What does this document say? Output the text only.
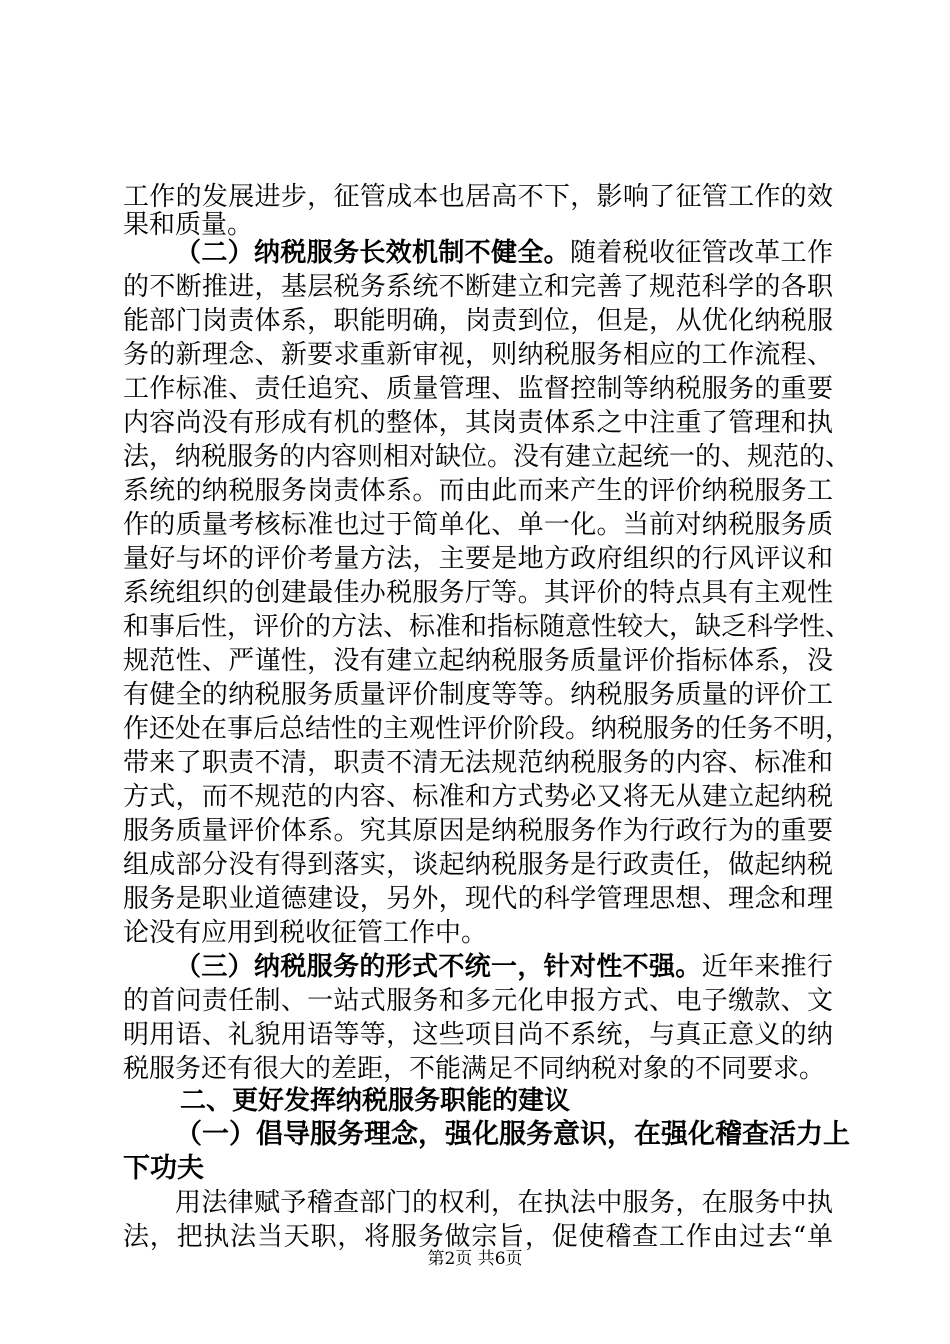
工作的发展进步，征管成本也居高不下，影响了征管工作的效
果和质量。
（二）纳税服务长效机制不健全。随着税收征管改革工作
的不断推进，基层税务系统不断建立和完善了规范科学的各职
能部门岗责体系，职能明确，岗责到位，但是，从优化纳税服
务的新理念、新要求重新审视，则纳税服务相应的工作流程、
工作标准、责任追究、质量管理、监督控制等纳税服务的重要
内容尚没有形成有机的整体，其岗责体系之中注重了管理和执
法，纳税服务的内容则相对缺位。没有建立起统一的、规范的、
系统的纳税服务岗责体系。而由此而来产生的评价纳税服务工
作的质量考核标准也过于简单化、单一化。当前对纳税服务质
量好与坏的评价考量方法，主要是地方政府组织的行风评议和
系统组织的创建最佳办税服务厅等。其评价的特点具有主观性
和事后性，评价的方法、标准和指标随意性较大，缺乏科学性、
规范性、严谨性，没有建立起纳税服务质量评价指标体系，没
有健全的纳税服务质量评价制度等等。纳税服务质量的评价工
作还处在事后总结性的主观性评价阶段。纳税服务的任务不明，
带来了职责不清，职责不清无法规范纳税服务的内容、标准和
方式，而不规范的内容、标准和方式势必又将无从建立起纳税
服务质量评价体系。究其原因是纳税服务作为行政行为的重要
组成部分没有得到落实，谈起纳税服务是行政责任，做起纳税
服务是职业道德建设，另外，现代的科学管理思想、理念和理
论没有应用到税收征管工作中。
（三）纳税服务的形式不统一，针对性不强。近年来推行
的首问责任制、一站式服务和多元化申报方式、电子缴款、文
明用语、礼貌用语等等，这些项目尚不系统，与真正意义的纳
税服务还有很大的差距，不能满足不同纳税对象的不同要求。
二、更好发挥纳税服务职能的建议
（一）倡导服务理念，强化服务意识，在强化稽查活力上
下功夫
用法律赋予稽查部门的权利，在执法中服务，在服务中执
法，把执法当天职，将服务做宗旨，促使稽查工作由过去“单
第2页 共6页
